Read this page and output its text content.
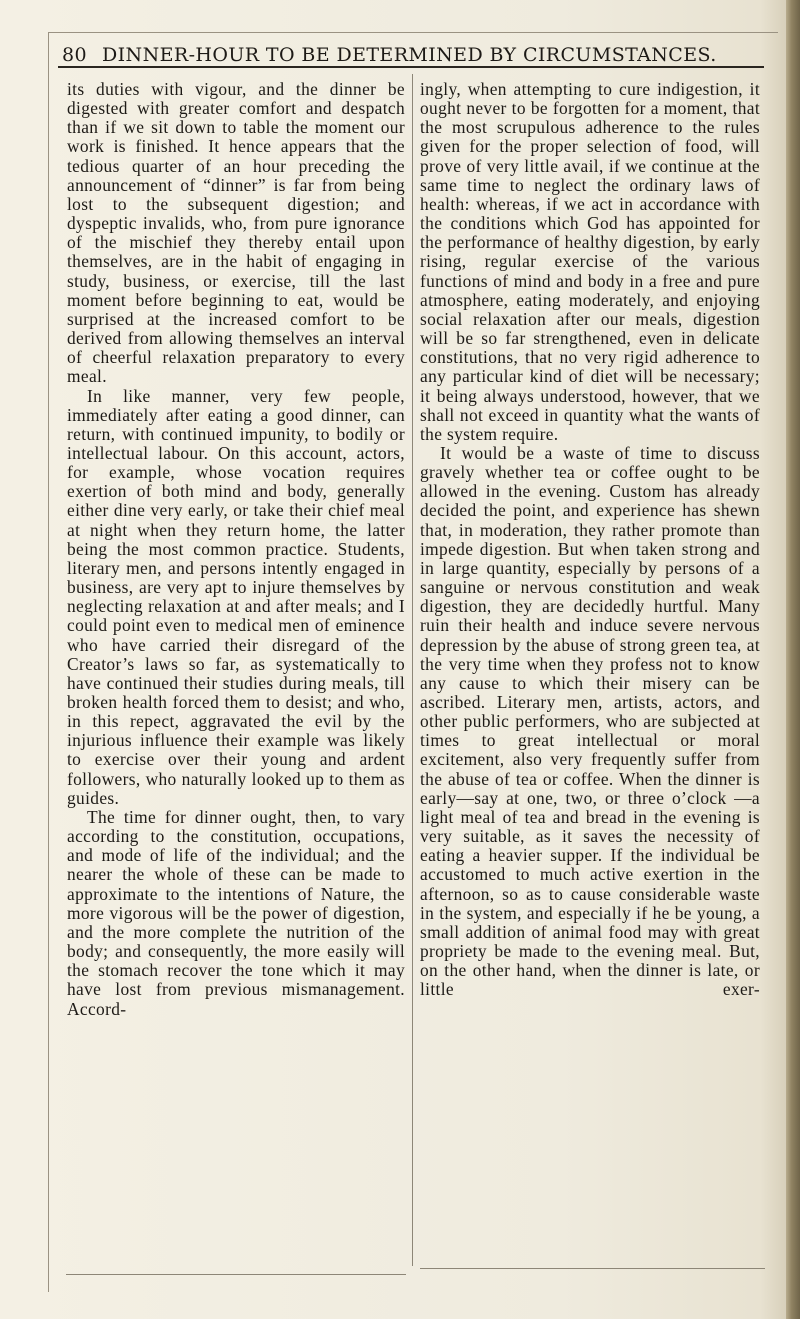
80 DINNER-HOUR TO BE DETERMINED BY CIRCUMSTANCES.

its duties with vigour, and the dinner be digested with greater comfort and despatch than if we sit down to table the moment our work is finished. It hence appears that the tedious quarter of an hour preceding the announcement of “dinner” is far from being lost to the subsequent digestion; and dyspeptic invalids, who, from pure ignorance of the mischief they thereby entail upon themselves, are in the habit of engaging in study, business, or exercise, till the last moment before beginning to eat, would be surprised at the increased comfort to be derived from allowing themselves an interval of cheerful relaxation preparatory to every meal.

In like manner, very few people, immediately after eating a good dinner, can return, with continued impunity, to bodily or intellectual labour. On this account, actors, for example, whose vocation requires exertion of both mind and body, generally either dine very early, or take their chief meal at night when they return home, the latter being the most common practice. Students, literary men, and persons intently engaged in business, are very apt to injure themselves by neglecting relaxation at and after meals; and I could point even to medical men of eminence who have carried their disregard of the Creator’s laws so far, as systematically to have continued their studies during meals, till broken health forced them to desist; and who, in this repect, aggravated the evil by the injurious influence their example was likely to exercise over their young and ardent followers, who naturally looked up to them as guides.

The time for dinner ought, then, to vary according to the constitution, occupations, and mode of life of the individual; and the nearer the whole of these can be made to approximate to the intentions of Nature, the more vigorous will be the power of digestion, and the more complete the nutrition of the body; and consequently, the more easily will the stomach recover the tone which it may have lost from previous mismanagement. Accord-

ingly, when attempting to cure indigestion, it ought never to be forgotten for a moment, that the most scrupulous adherence to the rules given for the proper selection of food, will prove of very little avail, if we continue at the same time to neglect the ordinary laws of health: whereas, if we act in accordance with the conditions which God has appointed for the performance of healthy digestion, by early rising, regular exercise of the various functions of mind and body in a free and pure atmosphere, eating moderately, and enjoying social relaxation after our meals, digestion will be so far strengthened, even in delicate constitutions, that no very rigid adherence to any particular kind of diet will be necessary; it being always understood, however, that we shall not exceed in quantity what the wants of the system require.

It would be a waste of time to discuss gravely whether tea or coffee ought to be allowed in the evening. Custom has already decided the point, and experience has shewn that, in moderation, they rather promote than impede digestion. But when taken strong and in large quantity, especially by persons of a sanguine or nervous constitution and weak digestion, they are decidedly hurtful. Many ruin their health and induce severe nervous depression by the abuse of strong green tea, at the very time when they profess not to know any cause to which their misery can be ascribed. Literary men, artists, actors, and other public performers, who are subjected at times to great intellectual or moral excitement, also very frequently suffer from the abuse of tea or coffee. When the dinner is early—say at one, two, or three o’clock —a light meal of tea and bread in the evening is very suitable, as it saves the necessity of eating a heavier supper. If the individual be accustomed to much active exertion in the afternoon, so as to cause considerable waste in the system, and especially if he be young, a small addition of animal food may with great propriety be made to the evening meal. But, on the other hand, when the dinner is late, or little exer-
